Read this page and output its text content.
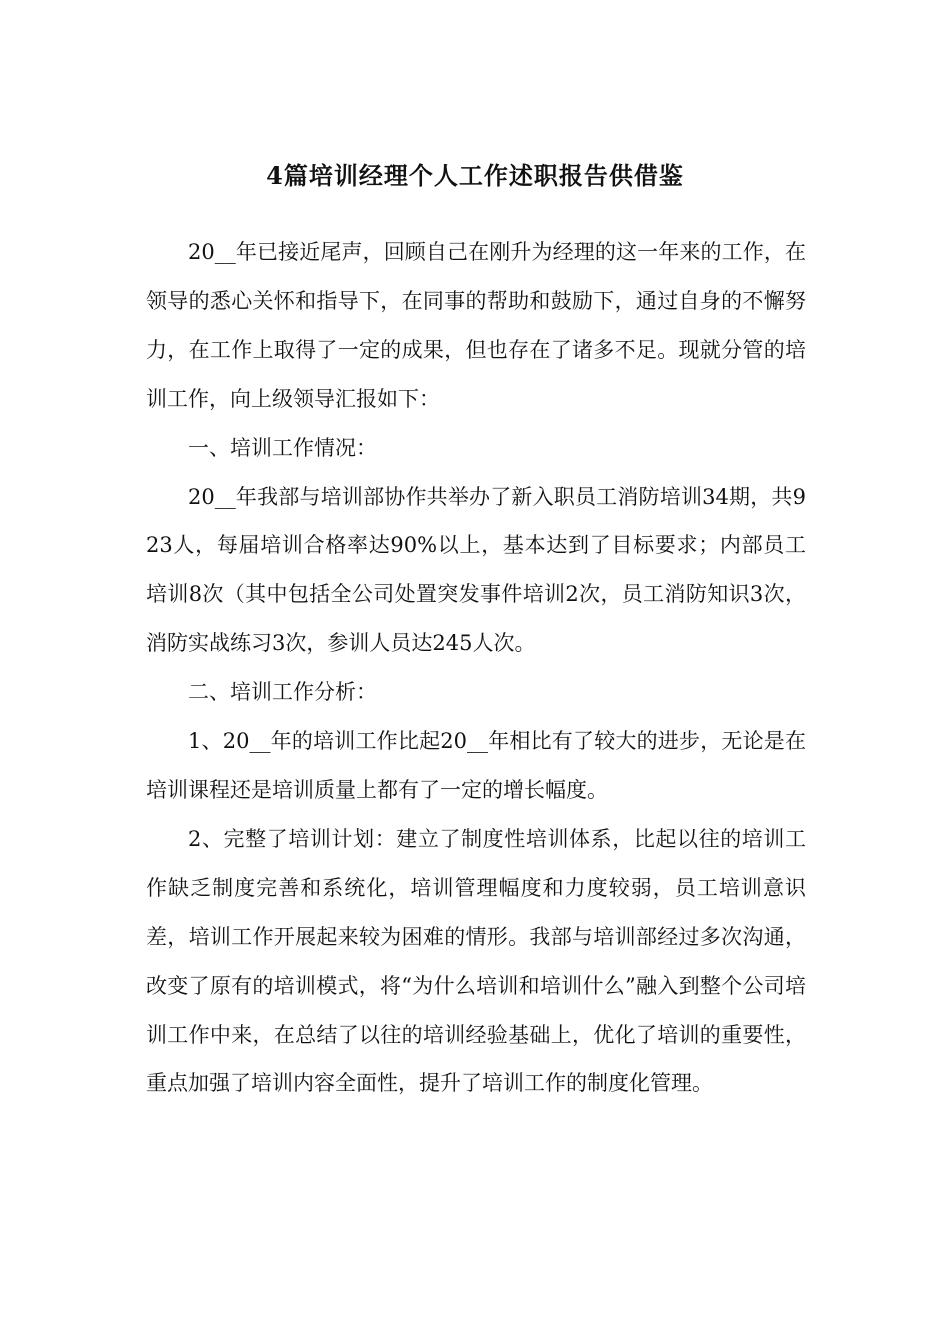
4篇培训经理个人工作述职报告供借鉴

20__年已接近尾声，回顾自己在刚升为经理的这一年来的工作，在领导的悉心关怀和指导下，在同事的帮助和鼓励下，通过自身的不懈努力，在工作上取得了一定的成果，但也存在了诸多不足。现就分管的培训工作，向上级领导汇报如下：

一、培训工作情况：

20__年我部与培训部协作共举办了新入职员工消防培训34期，共923人，每届培训合格率达90%以上，基本达到了目标要求；内部员工培训8次（其中包括全公司处置突发事件培训2次，员工消防知识3次，消防实战练习3次，参训人员达245人次。

二、培训工作分析：

1、20__年的培训工作比起20__年相比有了较大的进步，无论是在培训课程还是培训质量上都有了一定的增长幅度。

2、完整了培训计划：建立了制度性培训体系，比起以往的培训工作缺乏制度完善和系统化，培训管理幅度和力度较弱，员工培训意识差，培训工作开展起来较为困难的情形。我部与培训部经过多次沟通，改变了原有的培训模式，将“为什么培训和培训什么”融入到整个公司培训工作中来，在总结了以往的培训经验基础上，优化了培训的重要性，重点加强了培训内容全面性，提升了培训工作的制度化管理。
